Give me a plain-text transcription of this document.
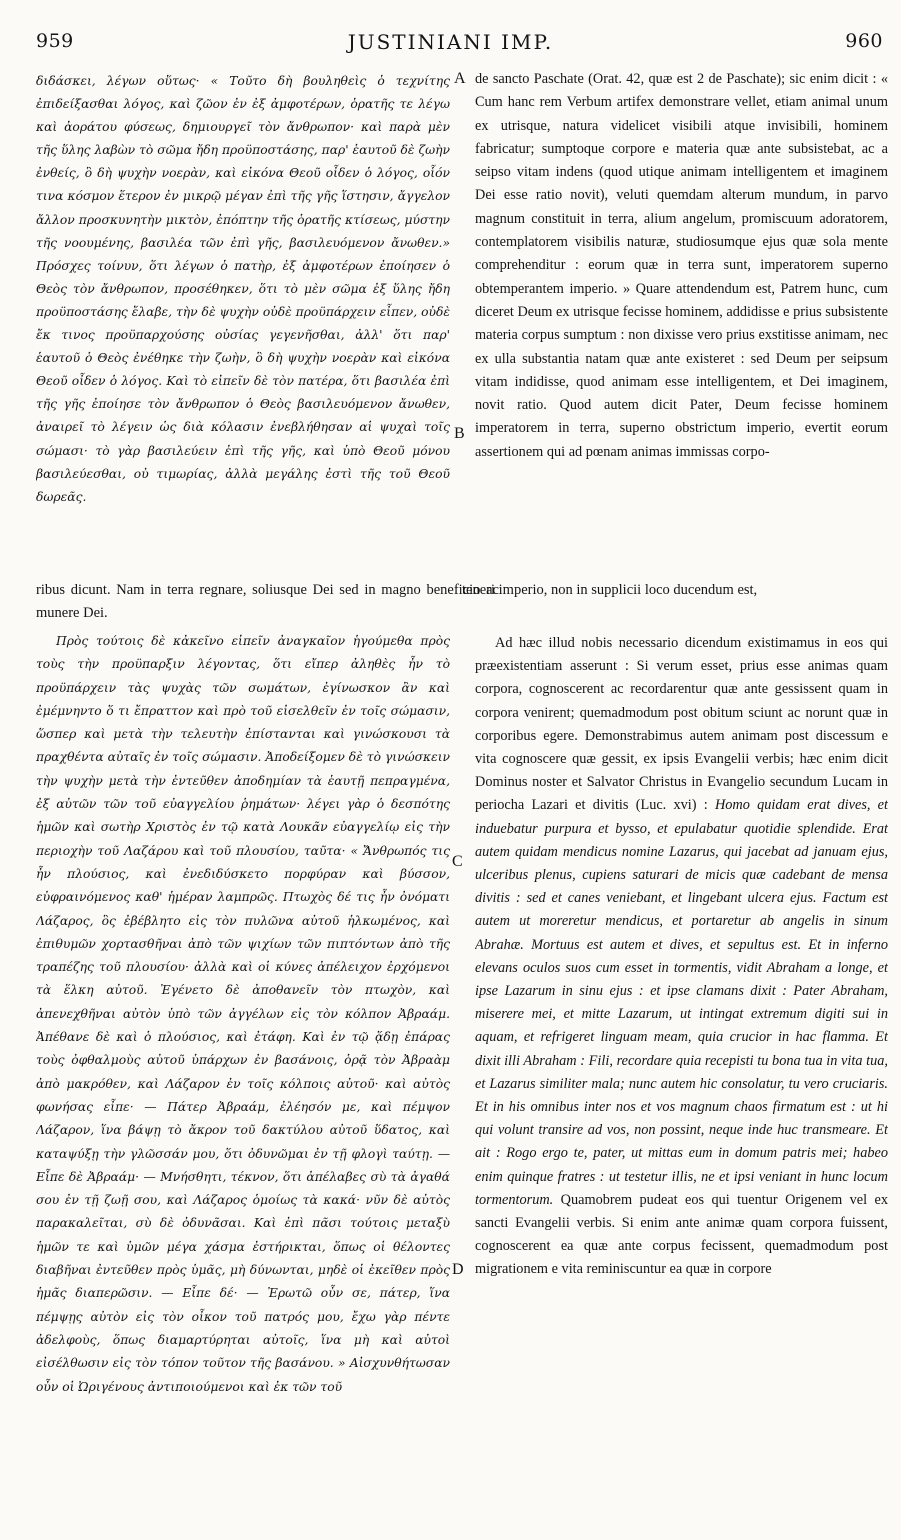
959	JUSTINIANI IMP.	960

διδάσκει, λέγων οὕτως· « Τοῦτο δὴ βουληθεὶς ὁ τεχνίτης ἐπιδείξασθαι λόγος, καὶ ζῶον ἐν ἐξ ἀμφοτέρων, ὁρατῆς τε λέγω καὶ ἀοράτου φύσεως, δημιουργεῖ τὸν ἄνθρωπον· καὶ παρὰ μὲν τῆς ὕλης λαβὼν τὸ σῶμα ἤδη προϋποστάσης, παρ' ἑαυτοῦ δὲ ζωὴν ἐνθείς, ὃ δὴ ψυχὴν νοερὰν, καὶ εἰκόνα Θεοῦ οἶδεν ὁ λόγος, οἷόν τινα κόσμον ἕτερον ἐν μικρῷ μέγαν ἐπὶ τῆς γῆς ἵστησιν, ἄγγελον ἄλλον προσκυνητὴν μικτὸν, ἐπόπτην τῆς ὁρατῆς κτίσεως, μύστην τῆς νοουμένης, βασιλέα τῶν ἐπὶ γῆς, βασιλευόμενον ἄνωθεν.» Πρόσχες τοίνυν, ὅτι λέγων ὁ πατὴρ, ἐξ ἀμφοτέρων ἐποίησεν ὁ Θεὸς τὸν ἄνθρωπον, προσέθηκεν, ὅτι τὸ μὲν σῶμα ἐξ ὕλης ἤδη προϋποστάσης ἔλαβε, τὴν δὲ ψυχὴν οὐδὲ προϋπάρχειν εἶπεν, οὐδὲ ἔκ τινος προϋπαρχούσης οὐσίας γεγενῆσθαι, ἀλλ' ὅτι παρ' ἑαυτοῦ ὁ Θεὸς ἐνέθηκε τὴν ζωὴν, ὃ δὴ ψυχὴν νοερὰν καὶ εἰκόνα Θεοῦ οἶδεν ὁ λόγος. Καὶ τὸ εἰπεῖν δὲ τὸν πατέρα, ὅτι βασιλέα ἐπὶ τῆς γῆς ἐποίησε τὸν ἄνθρωπον ὁ Θεὸς βασιλευόμενον ἄνωθεν, ἀναιρεῖ τὸ λέγειν ὡς διὰ κόλασιν ἐνεβλήθησαν αἱ ψυχαὶ τοῖς σώμασι· τὸ γὰρ βασιλεύειν ἐπὶ τῆς γῆς, καὶ ὑπὸ Θεοῦ μόνου βασιλεύεσθαι, οὐ τιμωρίας, ἀλλὰ μεγάλης ἐστὶ τῆς τοῦ Θεοῦ δωρεᾶς.

A
B
C
D

de sancto Paschate (Orat. 42, quæ est 2 de Paschate); sic enim dicit : « Cum hanc rem Verbum artifex demonstrare vellet, etiam animal unum ex utrisque, natura videlicet visibili atque invisibili, hominem fabricatur; sumptoque corpore e materia quæ ante subsistebat, ac a seipso vitam indens (quod utique animam intelligentem et imaginem Dei esse ratio novit), veluti quemdam alterum mundum, in parvo magnum constituit in terra, alium angelum, promiscuum adoratorem, contemplatorem visibilis naturæ, studiosumque ejus quæ sola mente comprehenditur : eorum quæ in terra sunt, imperatorem superno obtemperantem imperio. » Quare attendendum est, Patrem hunc, cum diceret Deum ex utrisque fecisse hominem, addidisse e prius subsistente materia corpus sumptum : non dixisse vero prius exstitisse animam, nec ex ulla substantia natam quæ ante existeret : sed Deum per seipsum vitam indidisse, quod animam esse intelligentem, et Dei imaginem, novit ratio. Quod autem dicit Pater, Deum fecisse hominem imperatorem in terra, superno obstrictum imperio, evertit eorum assertionem qui ad pœnam animas immissas corpo-

ribus dicunt. Nam in terra regnare, soliusque Dei sed in magno beneficio ac munere Dei.

teneri imperio, non in supplicii loco ducendum est,

Πρὸς τούτοις δὲ κἀκεῖνο εἰπεῖν ἀναγκαῖον ἡγούμεθα πρὸς τοὺς τὴν προϋπαρξιν λέγοντας, ὅτι εἴπερ ἀληθὲς ἦν τὸ προϋπάρχειν τὰς ψυχὰς τῶν σωμάτων, ἐγίνωσκον ἂν καὶ ἐμέμνηντο ὅ τι ἔπραττον καὶ πρὸ τοῦ εἰσελθεῖν ἐν τοῖς σώμασιν, ὥσπερ καὶ μετὰ τὴν τελευτὴν ἐπίστανται καὶ γινώσκουσι τὰ πραχθέντα αὐταῖς ἐν τοῖς σώμασιν. Ἀποδείξομεν δὲ τὸ γινώσκειν τὴν ψυχὴν μετὰ τὴν ἐντεῦθεν ἀποδημίαν τὰ ἑαυτῇ πεπραγμένα, ἐξ αὐτῶν τῶν τοῦ εὐαγγελίου ῥημάτων· λέγει γὰρ ὁ δεσπότης ἡμῶν καὶ σωτὴρ Χριστὸς ἐν τῷ κατὰ Λουκᾶν εὐαγγελίῳ εἰς τὴν περιοχὴν τοῦ Λαζάρου καὶ τοῦ πλουσίου, ταῦτα· « Ἄνθρωπός τις ἦν πλούσιος, καὶ ἐνεδιδύσκετο πορφύραν καὶ βύσσον, εὐφραινόμενος καθ' ἡμέραν λαμπρῶς. Πτωχὸς δέ τις ἦν ὀνόματι Λάζαρος, ὃς ἐβέβλητο εἰς τὸν πυλῶνα αὐτοῦ ἡλκωμένος, καὶ ἐπιθυμῶν χορτασθῆναι ἀπὸ τῶν ψιχίων τῶν πιπτόντων ἀπὸ τῆς τραπέζης τοῦ πλουσίου· ἀλλὰ καὶ οἱ κύνες ἀπέλειχον ἐρχόμενοι τὰ ἕλκη αὐτοῦ. Ἐγένετο δὲ ἀποθανεῖν τὸν πτωχὸν, καὶ ἀπενεχθῆναι αὐτὸν ὑπὸ τῶν ἀγγέλων εἰς τὸν κόλπον Ἀβραάμ. Ἀπέθανε δὲ καὶ ὁ πλούσιος, καὶ ἐτάφη. Καὶ ἐν τῷ ᾅδῃ ἐπάρας τοὺς ὀφθαλμοὺς αὐτοῦ ὑπάρχων ἐν βασάνοις, ὁρᾷ τὸν Ἀβραὰμ ἀπὸ μακρόθεν, καὶ Λάζαρον ἐν τοῖς κόλποις αὐτοῦ· καὶ αὐτὸς φωνήσας εἶπε· — Πάτερ Ἀβραάμ, ἐλέησόν με, καὶ πέμψον Λάζαρον, ἵνα βάψῃ τὸ ἄκρον τοῦ δακτύλου αὐτοῦ ὕδατος, καὶ καταψύξῃ τὴν γλῶσσάν μου, ὅτι ὀδυνῶμαι ἐν τῇ φλογὶ ταύτῃ. — Εἶπε δὲ Ἀβραάμ· — Μνήσθητι, τέκνον, ὅτι ἀπέλαβες σὺ τὰ ἀγαθά σου ἐν τῇ ζωῇ σου, καὶ Λάζαρος ὁμοίως τὰ κακά· νῦν δὲ αὐτὸς παρακαλεῖται, σὺ δὲ ὀδυνᾶσαι. Καὶ ἐπὶ πᾶσι τούτοις μεταξὺ ἡμῶν τε καὶ ὑμῶν μέγα χάσμα ἐστήρικται, ὅπως οἱ θέλοντες διαβῆναι ἐντεῦθεν πρὸς ὑμᾶς, μὴ δύνωνται, μηδὲ οἱ ἐκεῖθεν πρὸς ἡμᾶς διαπερῶσιν. — Εἶπε δέ· — Ἐρωτῶ οὖν σε, πάτερ, ἵνα πέμψῃς αὐτὸν εἰς τὸν οἶκον τοῦ πατρός μου, ἔχω γὰρ πέντε ἀδελφοὺς, ὅπως διαμαρτύρηται αὐτοῖς, ἵνα μὴ καὶ αὐτοὶ εἰσέλθωσιν εἰς τὸν τόπον τοῦτον τῆς βασάνου. » Αἰσχυνθήτωσαν οὖν οἱ Ὠριγένους ἀντιποιούμενοι καὶ ἐκ τῶν τοῦ

Ad hæc illud nobis necessario dicendum existimamus in eos qui præexistentiam asserunt : Si verum esset, prius esse animas quam corpora, cognoscerent ac recordarentur quæ ante gessissent quam in corpora venirent; quemadmodum post obitum sciunt ac norunt quæ in corporibus egere. Demonstrabimus autem animam post discessum e vita cognoscere quæ gessit, ex ipsis Evangelii verbis; hæc enim dicit Dominus noster et Salvator Christus in Evangelio secundum Lucam in periocha Lazari et divitis (Luc. xvi) : Homo quidam erat dives, et induebatur purpura et bysso, et epulabatur quotidie splendide. Erat autem quidam mendicus nomine Lazarus, qui jacebat ad januam ejus, ulceribus plenus, cupiens saturari de micis quæ cadebant de mensa divitis : sed et canes veniebant, et lingebant ulcera ejus. Factum est autem ut moreretur mendicus, et portaretur ab angelis in sinum Abrahæ. Mortuus est autem et dives, et sepultus est. Et in inferno elevans oculos suos cum esset in tormentis, vidit Abraham a longe, et ipse Lazarum in sinu ejus : et ipse clamans dixit : Pater Abraham, miserere mei, et mitte Lazarum, ut intingat extremum digiti sui in aquam, et refrigeret linguam meam, quia crucior in hac flamma. Et dixit illi Abraham : Fili, recordare quia recepisti tu bona tua in vita tua, et Lazarus similiter mala; nunc autem hic consolatur, tu vero cruciaris. Et in his omnibus inter nos et vos magnum chaos firmatum est : ut hi qui volunt transire ad vos, non possint, neque inde huc transmeare. Et ait : Rogo ergo te, pater, ut mittas eum in domum patris mei; habeo enim quinque fratres : ut testetur illis, ne et ipsi veniant in hunc locum tormentorum. Quamobrem pudeat eos qui tuentur Origenem vel ex sancti Evangelii verbis. Si enim ante animæ quam corpora fuissent, cognoscerent ea quæ ante corpus fecissent, quemadmodum post migrationem e vita reminiscuntur ea quæ in corpore
